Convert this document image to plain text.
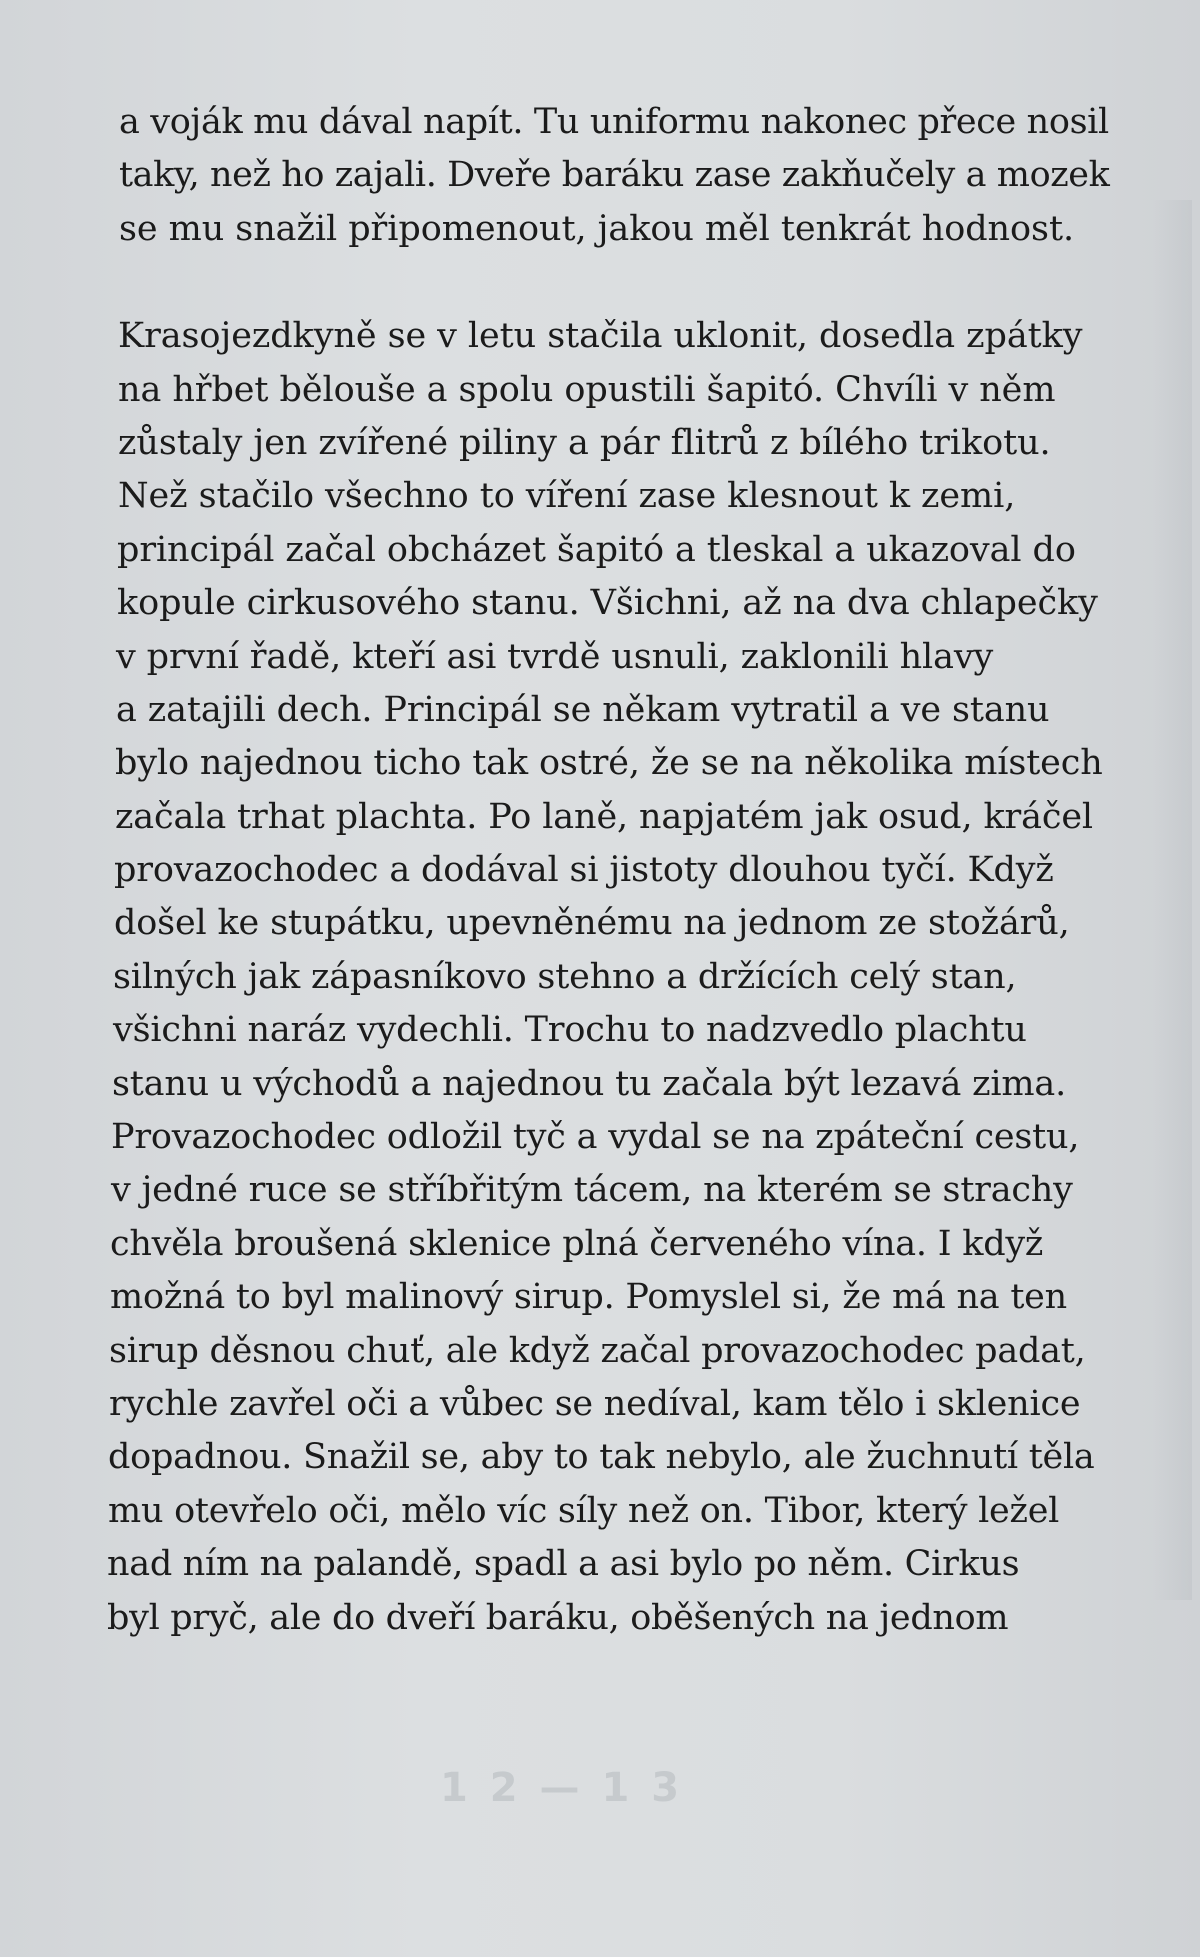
a voják mu dával napít. Tu uniformu nakonec přece nosil
taky, než ho zajali. Dveře baráku zase zakňučely a mozek
se mu snažil připomenout, jakou měl tenkrát hodnost.
Krasojezdkyně se v letu stačila uklonit, dosedla zpátky
na hřbet bělouše a spolu opustili šapitó. Chvíli v něm
zůstaly jen zvířené piliny a pár flitrů z bílého trikotu.
Než stačilo všechno to víření zase klesnout k zemi,
principál začal obcházet šapitó a tleskal a ukazoval do
kopule cirkusového stanu. Všichni, až na dva chlapečky
v první řadě, kteří asi tvrdě usnuli, zaklonili hlavy
a zatajili dech. Principál se někam vytratil a ve stanu
bylo najednou ticho tak ostré, že se na několika místech
začala trhat plachta. Po laně, napjatém jak osud, kráčel
provazochodec a dodával si jistoty dlouhou tyčí. Když
došel ke stupátku, upevněnému na jednom ze stožárů,
silných jak zápasníkovo stehno a držících celý stan,
všichni naráz vydechli. Trochu to nadzvedlo plachtu
stanu u východů a najednou tu začala být lezavá zima.
Provazochodec odložil tyč a vydal se na zpáteční cestu,
v jedné ruce se stříbřitým tácem, na kterém se strachy
chvěla broušená sklenice plná červeného vína. I když
možná to byl malinový sirup. Pomyslel si, že má na ten
sirup děsnou chuť, ale když začal provazochodec padat,
rychle zavřel oči a vůbec se nedíval, kam tělo i sklenice
dopadnou. Snažil se, aby to tak nebylo, ale žuchnutí těla
mu otevřelo oči, mělo víc síly než on. Tibor, který ležel
nad ním na palandě, spadl a asi bylo po něm. Cirkus
byl pryč, ale do dveří baráku, oběšených na jednom
1 2 — 1 3
